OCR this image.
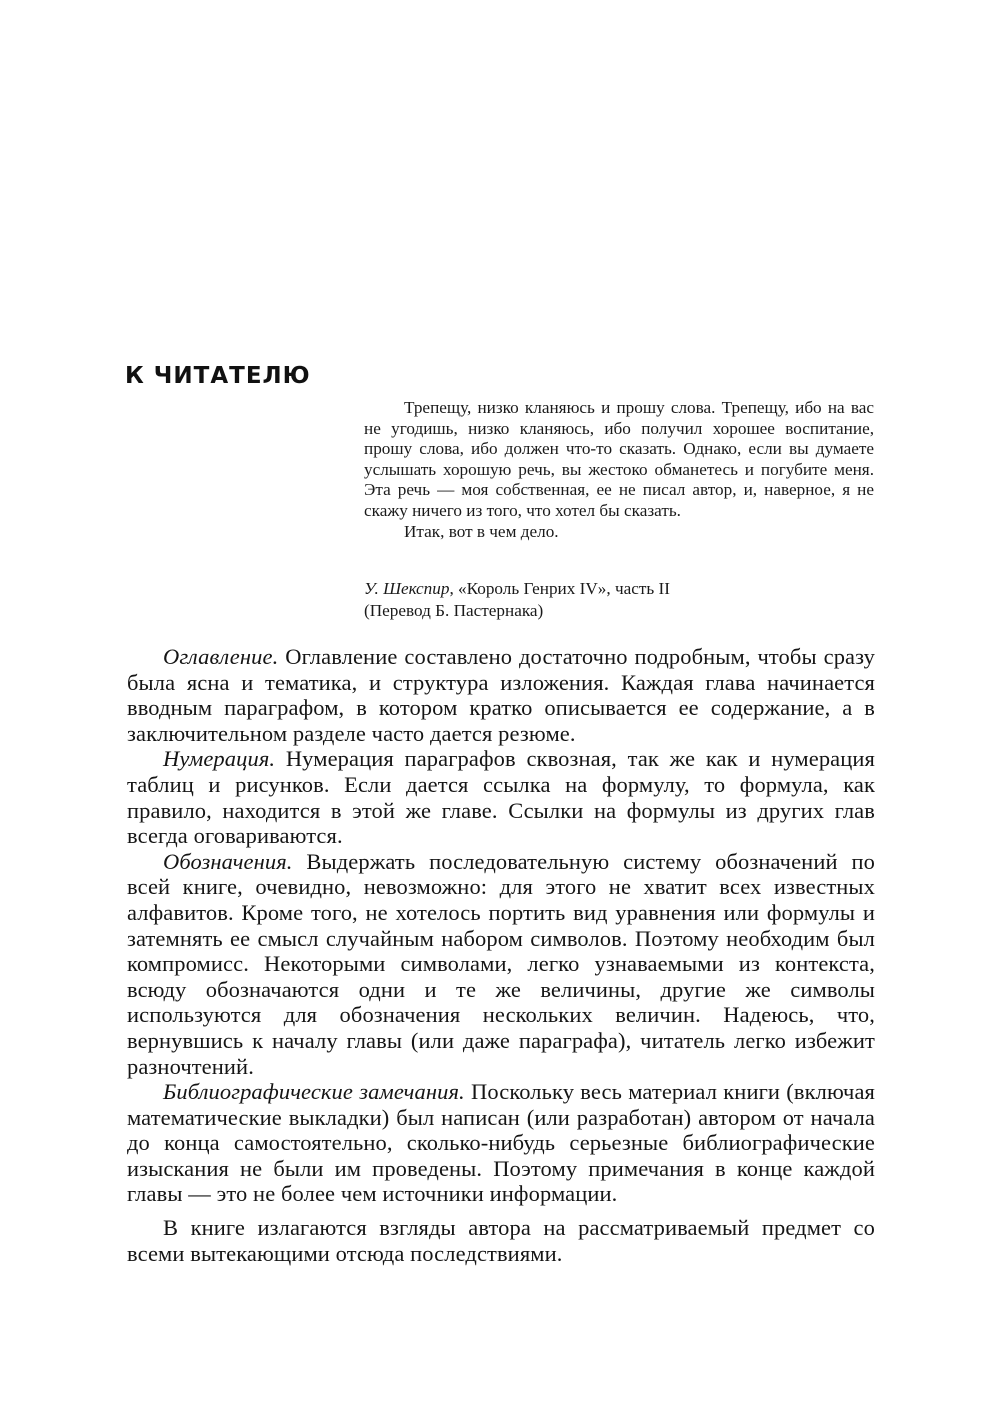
К ЧИТАТЕЛЮ

Трепещу, низко кланяюсь и прошу слова. Трепещу, ибо на вас не угодишь, низко кланяюсь, ибо получил хорошее воспитание, прошу слова, ибо должен что-то сказать. Однако, если вы думаете услышать хорошую речь, вы жестоко обманетесь и погубите меня. Эта речь — моя собственная, ее не писал автор, и, наверное, я не скажу ничего из того, что хотел бы сказать.

Итак, вот в чем дело.

У. Шекспир, «Король Генрих IV», часть II
(Перевод Б. Пастернака)

Оглавление. Оглавление составлено достаточно подробным, чтобы сразу была ясна и тематика, и структура изложения. Каждая глава начинается вводным параграфом, в котором кратко описывается ее содержание, а в заключительном разделе часто дается резюме.

Нумерация. Нумерация параграфов сквозная, так же как и нумерация таблиц и рисунков. Если дается ссылка на формулу, то формула, как правило, находится в этой же главе. Ссылки на формулы из других глав всегда оговариваются.

Обозначения. Выдержать последовательную систему обозначений по всей книге, очевидно, невозможно: для этого не хватит всех известных алфавитов. Кроме того, не хотелось портить вид уравнения или формулы и затемнять ее смысл случайным набором символов. Поэтому необходим был компромисс. Некоторыми символами, легко узнаваемыми из контекста, всюду обозначаются одни и те же величины, другие же символы используются для обозначения нескольких величин. Надеюсь, что, вернувшись к началу главы (или даже параграфа), читатель легко избежит разночтений.

Библиографические замечания. Поскольку весь материал книги (включая математические выкладки) был написан (или разработан) автором от начала до конца самостоятельно, сколько-нибудь серьезные библиографические изыскания не были им проведены. Поэтому примечания в конце каждой главы — это не более чем источники информации.

В книге излагаются взгляды автора на рассматриваемый предмет со всеми вытекающими отсюда последствиями.
